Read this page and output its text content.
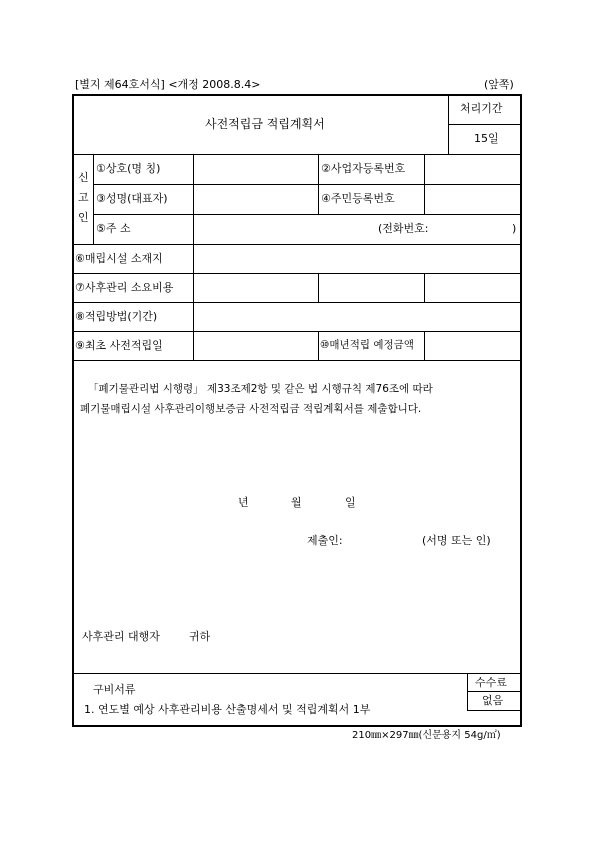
[별지 제64호서식] <개정 2008.8.4>	(앞쪽)
사전적립금 적립계획서
처리기간
15일
신
고
인
①상호(명 칭)	②사업자등록번호
③성명(대표자)	④주민등록번호
⑤주 소	(전화번호:	)
⑥매립시설 소재지
⑦사후관리 소요비용
⑧적립방법(기간)
⑨최초 사전적립일	⑩매년적립 예정금액
「폐기물관리법 시행령」 제33조제2항 및 같은 법 시행규칙 제76조에 따라
폐기물매립시설 사후관리이행보증금 사전적립금 적립계획서를 제출합니다.
년	월	일
제출인:	(서명 또는 인)
사후관리 대행자	귀하
구비서류
1. 연도별 예상 사후관리비용 산출명세서 및 적립계획서 1부
수수료
없음
210㎜×297㎜(신문용지 54g/㎡)
